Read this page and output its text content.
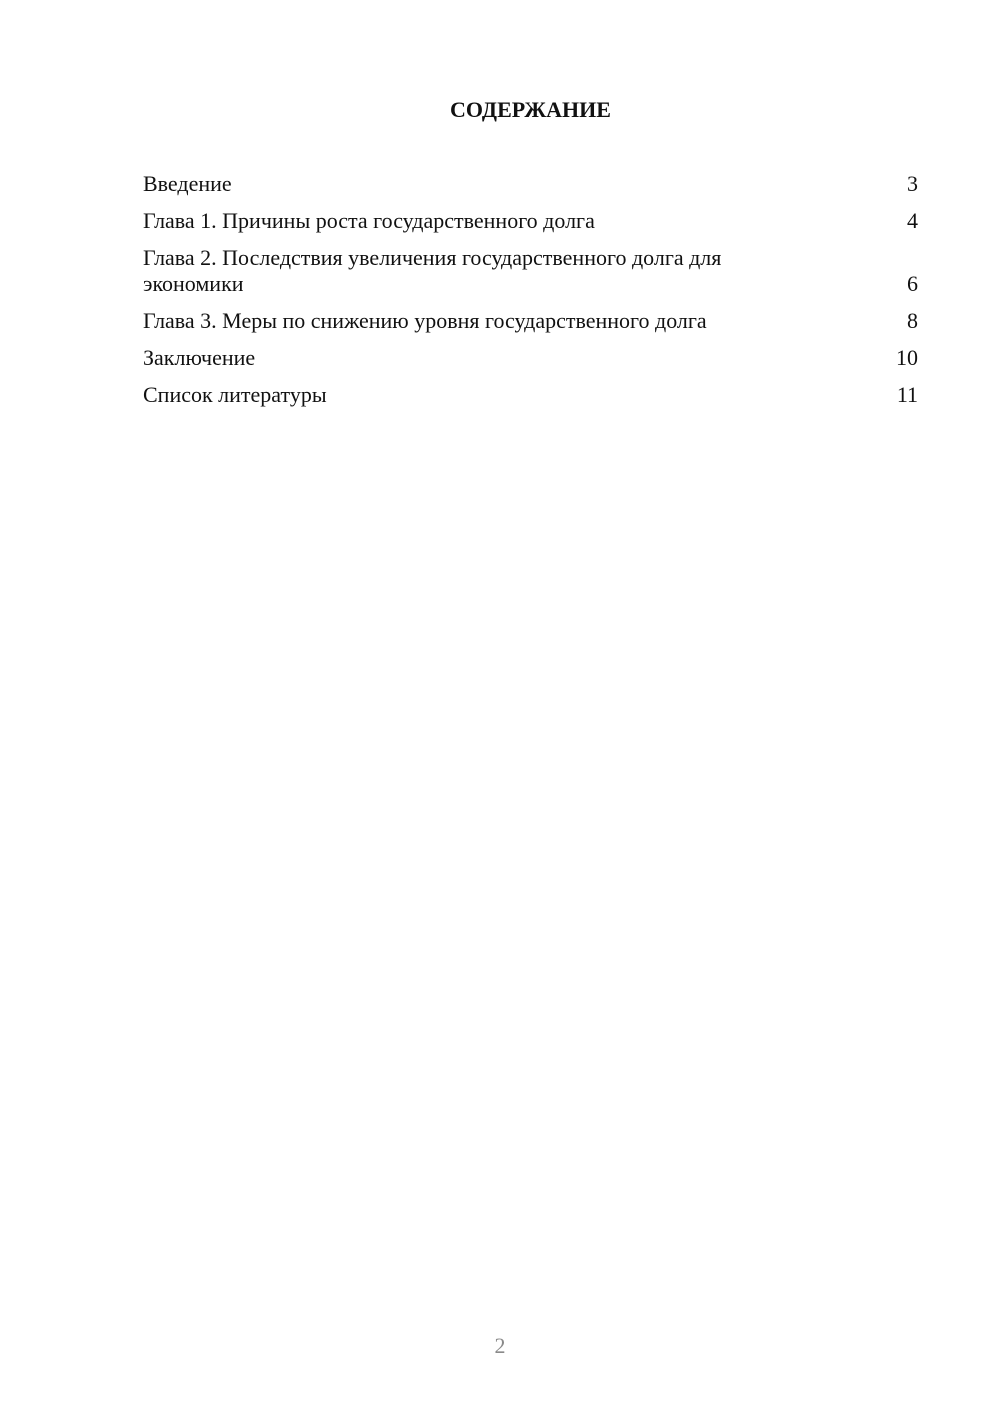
СОДЕРЖАНИЕ
Введение	3
Глава 1. Причины роста государственного долга	4
Глава 2. Последствия увеличения государственного долга для экономики	6
Глава 3. Меры по снижению уровня государственного долга	8
Заключение	10
Список литературы	11
2
